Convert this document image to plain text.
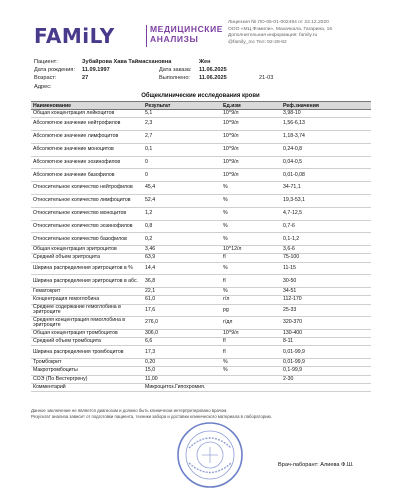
FAMiLY	МЕДИЦИНСКИЕ
АНАЛИЗЫ
Лицензия № ЛО-05-01-002494 от 22.12.2020
ООО «МЦ Фэмили», Махачкала, Гагарина, 16
Дополнительная информация: family.ru
@family_mc Тел: 92-28-82
Пациент:	Зубайрова Хава Таймасхановна	Жен
Дата рождения: 11.09.1997	Дата заказа: 11.06.2025
Возраст:	27	Выполнено: 11.06.2025	21-03
Адрес:
Общеклинические исследования крови
Наименование	Результат	Ед.изм	Реф.значения
Общая концентрация лейкоцитов	5,1	10^9/л	3,98-10
Абсолютное значение нейтрофилов	2,3	10^9/л	1,56-6,13
Абсолютное значение лимфоцитов	2,7	10^9/л	1,18-3,74
Абсолютное значение моноцитов	0,1	10^9/л	0,24-0,8
Абсолютное значение эозинофилов	0	10^9/л	0,04-0,5
Абсолютное значение базофилов	0	10^9/л	0,01-0,08
Относительное количество нейтрофилов	45,4	%	34-71,1
Относительное количество лимфоцитов	52,4	%	19,3-53,1
Относительное количество моноцитов	1,2	%	4,7-12,5
Относительное количество эозинофилов	0,8	%	0,7-6
Относительное количество базофилов	0,2	%	0,1-1,2
Общая концентрация эритроцитов	3,46	10^12/л	3,6-6
Средний объем эритроцита	63,9	fl	75-100
Ширина распределения эритроцитов в %	14,4	%	11-15
Ширина распределения эритроцитов в абс.	36,8	fl	30-50
Гематокрит	22,1	%	34-51
Концентрация гемоглобина	61,0	г/л	112-170
Среднее содержание гемоглобина в эритроците	17,6	pg	25-33
Средняя концентрация гемоглобина в эритроците	276,0	г/дл	320-370
Общая концентрация тромбоцитов	306,0	10^9/л	130-400
Средний объем тромбоцита	6,6	fl	8-11
Ширина распределения тромбоцитов	17,3	fl	0,01-99,9
Тромбокрит	0,20	%	0,01-99,9
Макротромбоциты	15,0	%	0,1-99,9
СОЭ (По Вестергрену)	11,00		2-30
Комментарий	Микроцитоз.Гипохромия.		
Данное заключение не является диагнозом и должно быть клинически интерпретировано врачом.
Результат анализа зависит от подготовки пациента, техники забора и доставки клинического материала в лабораторию.
Врач-лаборант: Алиева Ф.Ш.
